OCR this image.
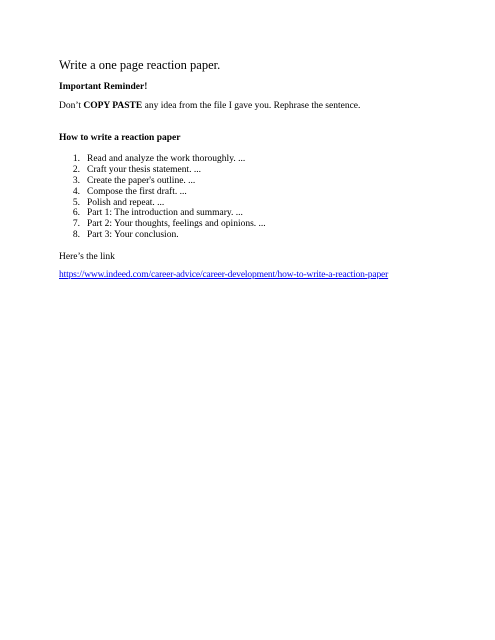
Write a one page reaction paper.
Important Reminder!
Don’t COPY PASTE any idea from the file I gave you. Rephrase the sentence.
How to write a reaction paper
1. Read and analyze the work thoroughly. ...
2. Craft your thesis statement. ...
3. Create the paper's outline. ...
4. Compose the first draft. ...
5. Polish and repeat. ...
6. Part 1: The introduction and summary. ...
7. Part 2: Your thoughts, feelings and opinions. ...
8. Part 3: Your conclusion.
Here’s the link
https://www.indeed.com/career-advice/career-development/how-to-write-a-reaction-paper
